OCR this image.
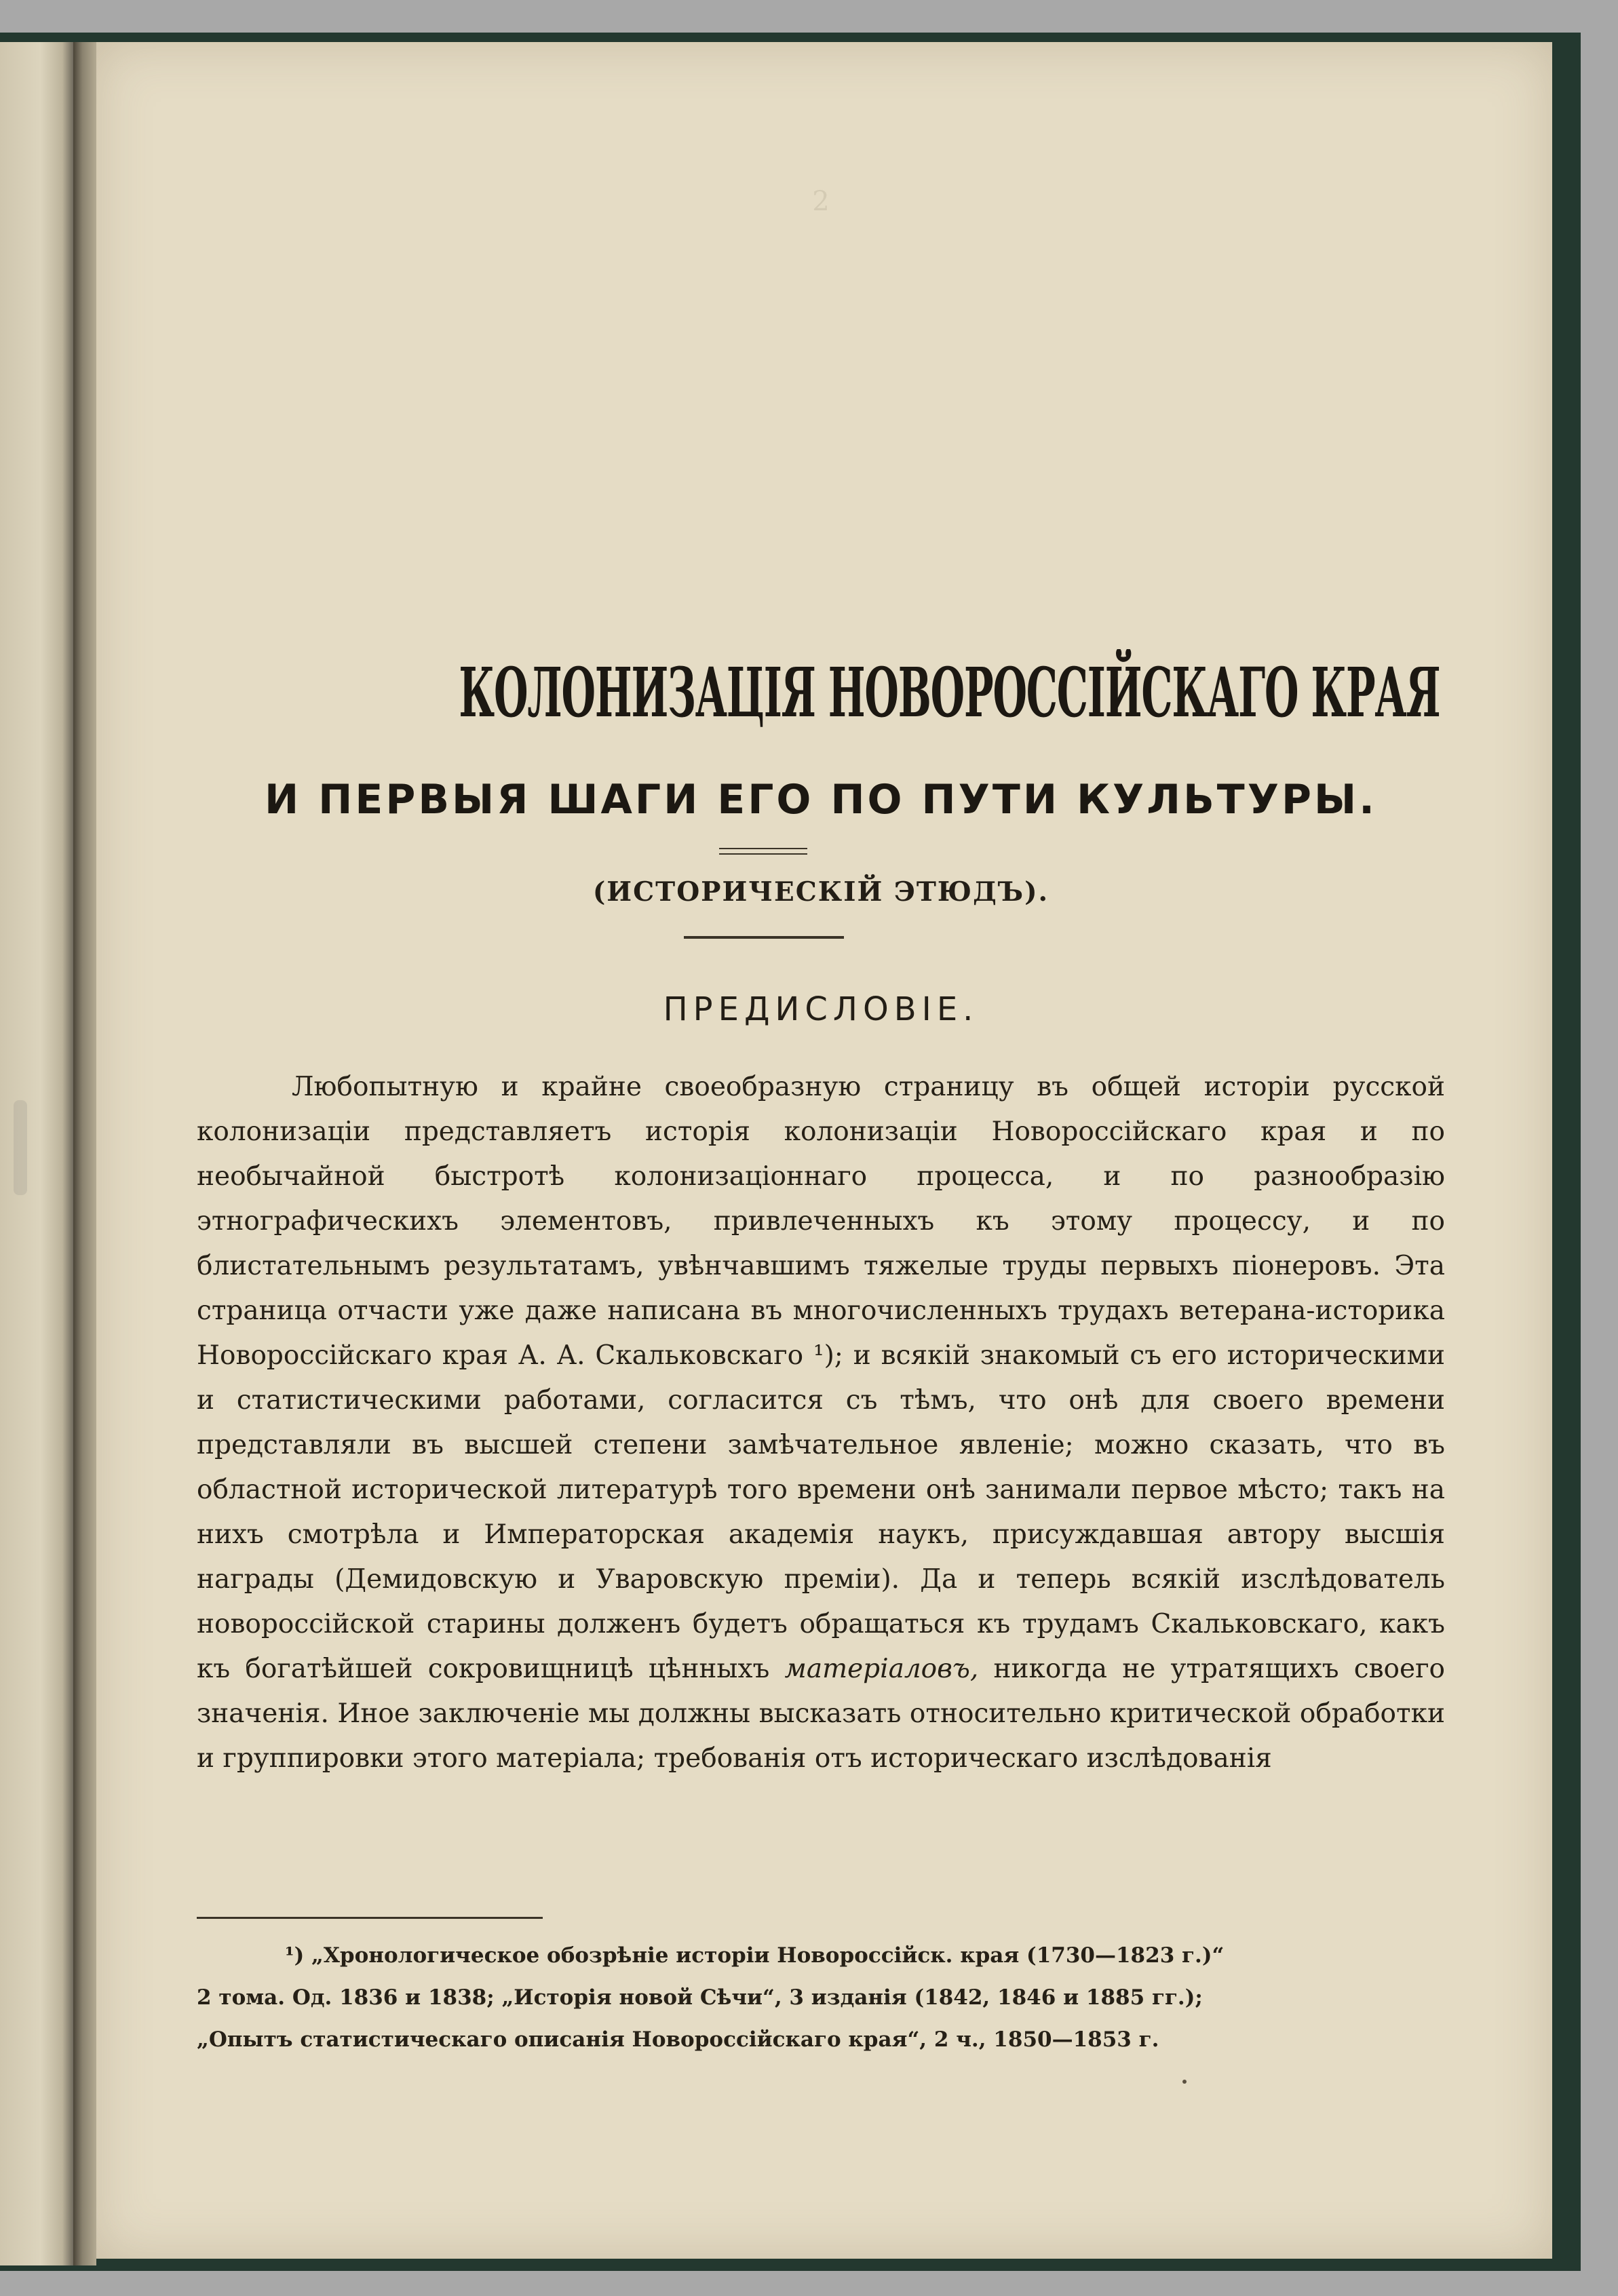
2
КОЛОНИЗАЦІЯ НОВОРОССІЙСКАГО КРАЯ
И ПЕРВЫЯ ШАГИ ЕГО ПО ПУТИ КУЛЬТУРЫ.
(ИСТОРИЧЕСКІЙ ЭТЮДЪ).
ПРЕДИСЛОВІЕ.

Любопытную и крайне своеобразную страницу въ общей исторіи русской колонизаціи представляетъ исторія колонизаціи Новороссійскаго края и по необычайной быстротѣ колонизаціоннаго процесса, и по разнообразію этнографическихъ элементовъ, привлеченныхъ къ этому процессу, и по блистательнымъ результатамъ, увѣнчавшимъ тяжелые труды первыхъ піонеровъ. Эта страница отчасти уже даже написана въ многочисленныхъ трудахъ ветерана-историка Новороссійскаго края А. А. Скальковскаго ¹); и всякій знакомый съ его историческими и статистическими работами, согласится съ тѣмъ, что онѣ для своего времени представляли въ высшей степени замѣчательное явленіе; можно сказать, что въ областной исторической литературѣ того времени онѣ занимали первое мѣсто; такъ на нихъ смотрѣла и Императорская академія наукъ, присуждавшая автору высшія награды (Демидовскую и Уваровскую преміи). Да и теперь всякій изслѣдователь новороссійской старины долженъ будетъ обращаться къ трудамъ Скальковскаго, какъ къ богатѣйшей сокровищницѣ цѣнныхъ матеріаловъ, никогда не утратящихъ своего значенія. Иное заключеніе мы должны высказать относительно критической обработки и группировки этого матеріала; требованія отъ историческаго изслѣдованія

¹) „Хронологическое обозрѣніе исторіи Новороссійск. края (1730—1823 г.)“
2 тома. Од. 1836 и 1838; „Исторія новой Сѣчи“, 3 изданія (1842, 1846 и 1885 гг.);
„Опытъ статистическаго описанія Новороссійскаго края“, 2 ч., 1850—1853 г.
